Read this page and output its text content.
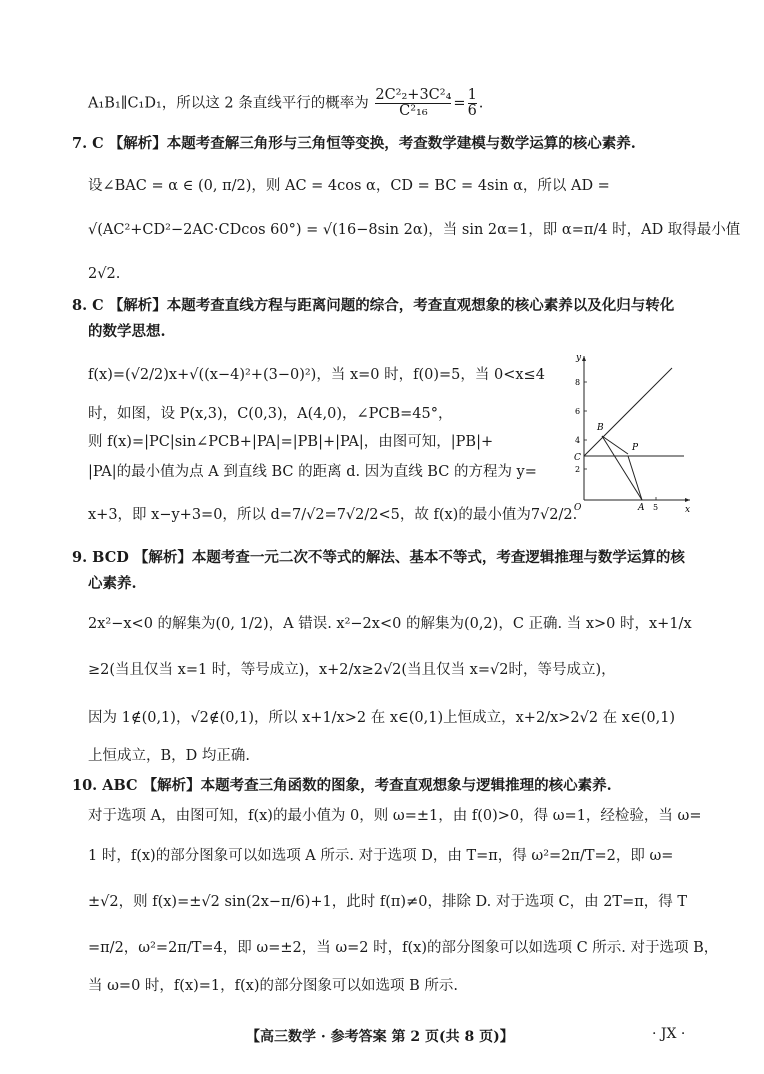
A₁B₁∥C₁D₁，所以这 2 条直线平行的概率为 $\frac{\text{2C²₂+3C²₄}}{\text{C²₁₆}} = \frac{1}{6}$ .
7. C 【解析】本题考查解三角形与三角恒等变换，考查数学建模与数学运算的核心素养.
设∠BAC = α ∈ (0, π/2)，则 AC = 4cos α，CD = BC = 4sin α，所以 AD =
√(AC²+CD²−2AC·CDcos 60°) = √(16−8sin 2α)，当 sin 2α=1，即 α=π/4 时，AD 取得最小值
2√2.
8. C 【解析】本题考查直线方程与距离问题的综合，考查直观想象的核心素养以及化归与转化
的数学思想.
f(x)=(√2/2)x+√((x−4)²+(3−0)²)，当 x=0 时，f(0)=5，当 0<x≤4
时，如图，设 P(x,3)，C(0,3)，A(4,0)，∠PCB=45°，
则 f(x)=|PC|sin∠PCB+|PA|=|PB|+|PA|，由图可知，|PB|+
|PA|的最小值为点 A 到直线 BC 的距离 d. 因为直线 BC 的方程为 y=
x+3，即 x−y+3=0，所以 d=7/√2=7√2/2<5，故 f(x)的最小值为7√2/2.
y
x
O
8
6
4
2
5
B
P
C
A
9. BCD 【解析】本题考查一元二次不等式的解法、基本不等式，考查逻辑推理与数学运算的核
心素养.
2x²−x<0 的解集为(0, 1/2)，A 错误. x²−2x<0 的解集为(0,2)，C 正确. 当 x>0 时，x+1/x
≥2(当且仅当 x=1 时，等号成立)，x+2/x≥2√2(当且仅当 x=√2时，等号成立)，
因为 1∉(0,1)，√2∉(0,1)，所以 x+1/x>2 在 x∈(0,1)上恒成立，x+2/x>2√2 在 x∈(0,1)
上恒成立，B，D 均正确.
10. ABC 【解析】本题考查三角函数的图象，考查直观想象与逻辑推理的核心素养.
对于选项 A，由图可知，f(x)的最小值为 0，则 ω=±1，由 f(0)>0，得 ω=1，经检验，当 ω=
1 时，f(x)的部分图象可以如选项 A 所示. 对于选项 D，由 T=π，得 ω²=2π/T=2，即 ω=
±√2，则 f(x)=±√2 sin(2x−π/6)+1，此时 f(π)≠0，排除 D. 对于选项 C，由 2T=π，得 T
=π/2，ω²=2π/T=4，即 ω=±2，当 ω=2 时，f(x)的部分图象可以如选项 C 所示. 对于选项 B，
当 ω=0 时，f(x)=1，f(x)的部分图象可以如选项 B 所示.
【高三数学 · 参考答案 第 2 页(共 8 页)】	· JX ·
